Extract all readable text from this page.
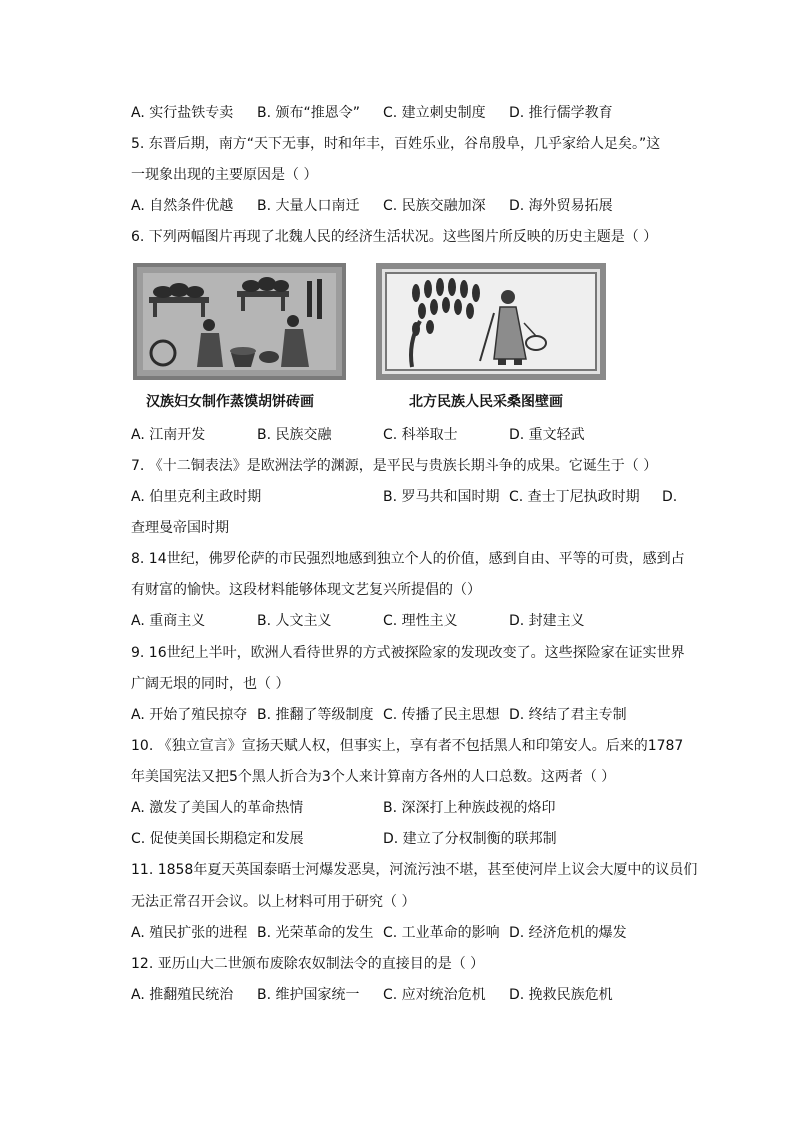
A. 实行盐铁专卖 B. 颁布“推恩令” C. 建立刺史制度 D. 推行儒学教育
5. 东晋后期，南方“天下无事，时和年丰，百姓乐业，谷帛殷阜，几乎家给人足矣。”这
一现象出现的主要原因是（ ）
A. 自然条件优越 B. 大量人口南迁 C. 民族交融加深 D. 海外贸易拓展
6. 下列两幅图片再现了北魏人民的经济生活状况。这些图片所反映的历史主题是（ ）
汉族妇女制作蒸馍胡饼砖画	北方民族人民采桑图壁画
A. 江南开发	B. 民族交融	C. 科举取士	D. 重文轻武
7. 《十二铜表法》是欧洲法学的渊源，是平民与贵族长期斗争的成果。它诞生于（ ）
A. 伯里克利主政时期	B. 罗马共和国时期 C. 查士丁尼执政时期 D.
查理曼帝国时期
8. 14世纪，佛罗伦萨的市民强烈地感到独立个人的价值，感到自由、平等的可贵，感到占
有财富的愉快。这段材料能够体现文艺复兴所提倡的（）
A. 重商主义	B. 人文主义	C. 理性主义	D. 封建主义
9. 16世纪上半叶，欧洲人看待世界的方式被探险家的发现改变了。这些探险家在证实世界
广阔无垠的同时，也（ ）
A. 开始了殖民掠夺 B. 推翻了等级制度 C. 传播了民主思想 D. 终结了君主专制
10. 《独立宣言》宣扬天赋人权，但事实上，享有者不包括黑人和印第安人。后来的1787
年美国宪法又把5个黑人折合为3个人来计算南方各州的人口总数。这两者（ ）
A. 激发了美国人的革命热情	B. 深深打上种族歧视的烙印
C. 促使美国长期稳定和发展	D. 建立了分权制衡的联邦制
11. 1858年夏天英国泰晤士河爆发恶臭，河流污浊不堪，甚至使河岸上议会大厦中的议员们
无法正常召开会议。以上材料可用于研究（ ）
A. 殖民扩张的进程 B. 光荣革命的发生 C. 工业革命的影响 D. 经济危机的爆发
12. 亚历山大二世颁布废除农奴制法令的直接目的是（ ）
A. 推翻殖民统治 B. 维护国家统一 C. 应对统治危机 D. 挽救民族危机
